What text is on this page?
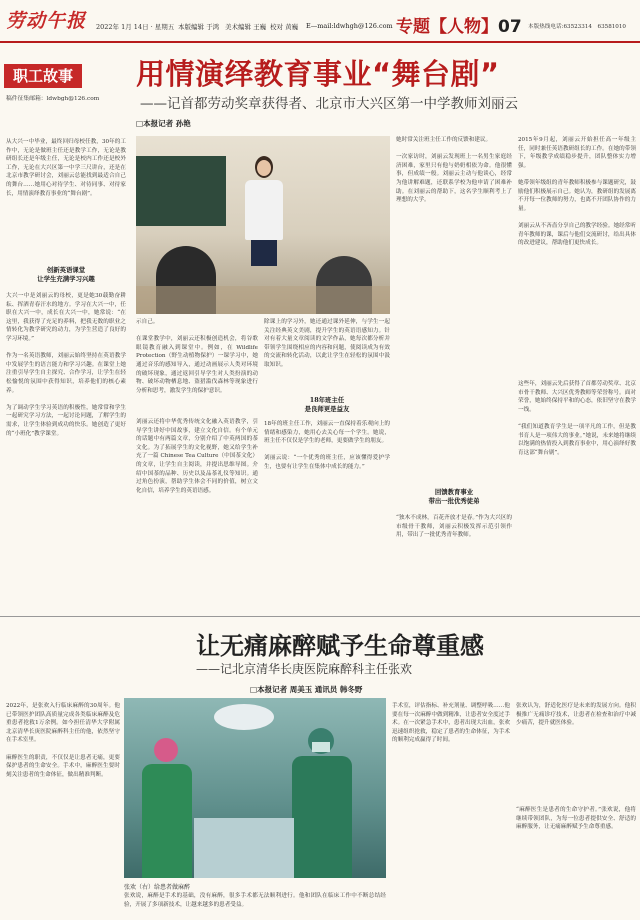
劳动午报 2022年 1月 14日 · 星期五 本版编辑 于鸿 美术编辑 王巍 校对 黄巍 E—mail:ldwhgh@126.com 专题【人物】07 本版热线电话:63523314　63581010
职工故事
稿件征集邮箱：ldwbgh@126.com
用情演绎教育事业“舞台剧”
——记首都劳动奖章获得者、北京市大兴区第一中学教师刘丽云
□本报记者 孙艳
从大兴一中毕业，最终回归母校任教，30年的工作中，无论是做班主任还是教学工作，无论是教研组长还是年级主任，无论是校内工作还是校外工作，无论在大兴区第一中学三尺讲台，还是在北京市教学研讨会，刘丽云总能找到最适合自己的舞台……她用心对待学生、对待同事、对待家长，用情演绎教育事业的“舞台剧”。
创新英语课堂
让学生充满学习兴趣
大兴一中是刘丽云的母校，更是她30载勤奋耕耘、挥洒青春汗水的地方。学习在大兴一中，任职在大兴一中，成长在大兴一中，她常说：“在这里，我获得了充足的养料，把我无数的职业之情转化为教学研究的动力，为学生营造了良好的学习环境。”

作为一名英语教师，刘丽云始终坚持在英语教学中发展学生的语言能力和学习兴趣。在课堂上她注重引导学生自主探究、合作学习，让学生在轻松愉悦的氛围中获得知识，培养他们的核心素养。

为了调动学生学习英语的积极性，她常常和学生一起研究学习方法，一起讨论问题，了解学生的需求，让学生体验到成功的快乐。她创造了更好的“小班化”教学课堂。
示自己。

在课堂教学中，刘丽云还积极创造机会，将谷歌眼镜教育融入到课堂中。例如，在 Wildlife Protection（野生动植物保护）一课学习中，她通过音乐的感知导入，通过动画展示人类对环境的破坏现象，通过返回引导学生对人类扮演的动物、破坏动物栖息地、盗猎滥伐森林等现象进行分析和思考，激发学生的保护意识。
刘丽云还将中华优秀传统文化融入英语教学，引导学生讲好中国故事，建立文化自信。有个单元的话题中有两篇文章，分别介绍了中英两国的茶文化。为了拓展学生的文化视野，她又给学生补充了一篇 Chinese Tea Culture（中国茶文化）的文章，让学生自主阅读，并提出思维导图。介绍中国茶的品种、历史以及品茶礼仪等知识。通过角色扮演，帮助学生体会不同的价值，树立文化自信，培养学生的英语语感。
除课上的学习外，她还通过课外延伸，与学生一起关注经典英文美剧，提升学生的英语语感知力。针对有着大量文章阅读的文学作品，她每次都分析并带领学生围绕相应的内容和问题，使阅读成为有效的交流和转化活动，以此让学生在轻松的氛围中汲取知识。
18年班主任
是良师更是益友
18年的班主任工作，刘丽云一直保持着乐观向上的情绪和感染力，她用心去关心每一个学生。她说，班主任不仅仅是学生的老师，更要做学生的朋友。

刘丽云说：“一个优秀的班主任，应该懂得爱护学生，也要有让学生在集体中成长的能力。”
她时常关注班主任工作的反馈和建议。

一次家访时，刘丽云发现班上一名男生家庭经济困难，家里只有他与奶奶相依为命。他很懂事，但成绩一般。刘丽云主动与他谈心，经常为他讲解难题，还联系学校为他申请了困难补助。在刘丽云的帮助下，这名学生顺利考上了理想的大学。
回馈教育事业
带出一批优秀徒弟
“独木不成林，百花齐放才是春。”作为大兴区的市级骨干教师，刘丽云积极发挥示范引领作用，带出了一批优秀青年教师。
2015年9月起，刘丽云开始担任高一年级主任，同时兼任英语教研组长的工作。在她的带领下，年级教学成绩稳步提升，团队整体实力增强。

她带领年级组的青年教师积极参与课题研究，鼓励他们积极展示自己。她认为，教研组的发展离不开每一位教师的努力，也离不开团队协作的力量。

刘丽云从不吝啬分享自己的教学经验。她经常听青年教师的课，课后与他们交流研讨，给出具体的改进建议，帮助他们更快成长。
这些年，刘丽云先后获得了首都劳动奖章、北京市骨干教师、大兴区优秀教师等荣誉称号。面对荣誉，她始终保持平和的心态，依旧坚守在教学一线。

“我们知道教育学生是一项平凡的工作，但是教书育人是一项伟大的事业。”她说，未来她将继续以饱满的热情投入到教育事业中，用心演绎好教育这部“舞台剧”。
让无痛麻醉赋予生命尊重感
——记北京清华长庚医院麻醉科主任张欢
□本报记者 周美玉 通讯员 韩冬野
2022年，是张欢入行临床麻醉的30周年。他已带领医护团队高质量完成各类临床麻醉及危重患者抢救1万余例。如今担任清华大学附属北京清华长庚医院麻醉科主任的他，依然坚守在手术室里。

麻醉医生的职责，不仅仅是让患者无痛，更要保护患者的生命安全。手术中，麻醉医生要时刻关注患者的生命体征，做出精准判断。
张欢（右）给患者做麻醉
张欢说，麻醉是手术的基础，没有麻醉，很多手术都无法顺利进行。他和团队在临床工作中不断总结经验，开展了多项新技术，让越来越多的患者受益。
手术室，评估指标、补充剂量、调整呼吸……他要在每一次麻醉中做到精准，让患者安全度过手术。在一次紧急手术中，患者出现大出血，张欢迅速组织抢救，稳定了患者的生命体征，为手术的顺利完成赢得了时间。
张欢认为，舒适化医疗是未来的发展方向。他积极推广无痛诊疗技术，让患者在检查和治疗中减少痛苦，提升就医体验。
“麻醉医生是患者的生命守护者。”张欢说，他将继续带领团队，为每一位患者提供安全、舒适的麻醉服务，让无痛麻醉赋予生命尊重感。
